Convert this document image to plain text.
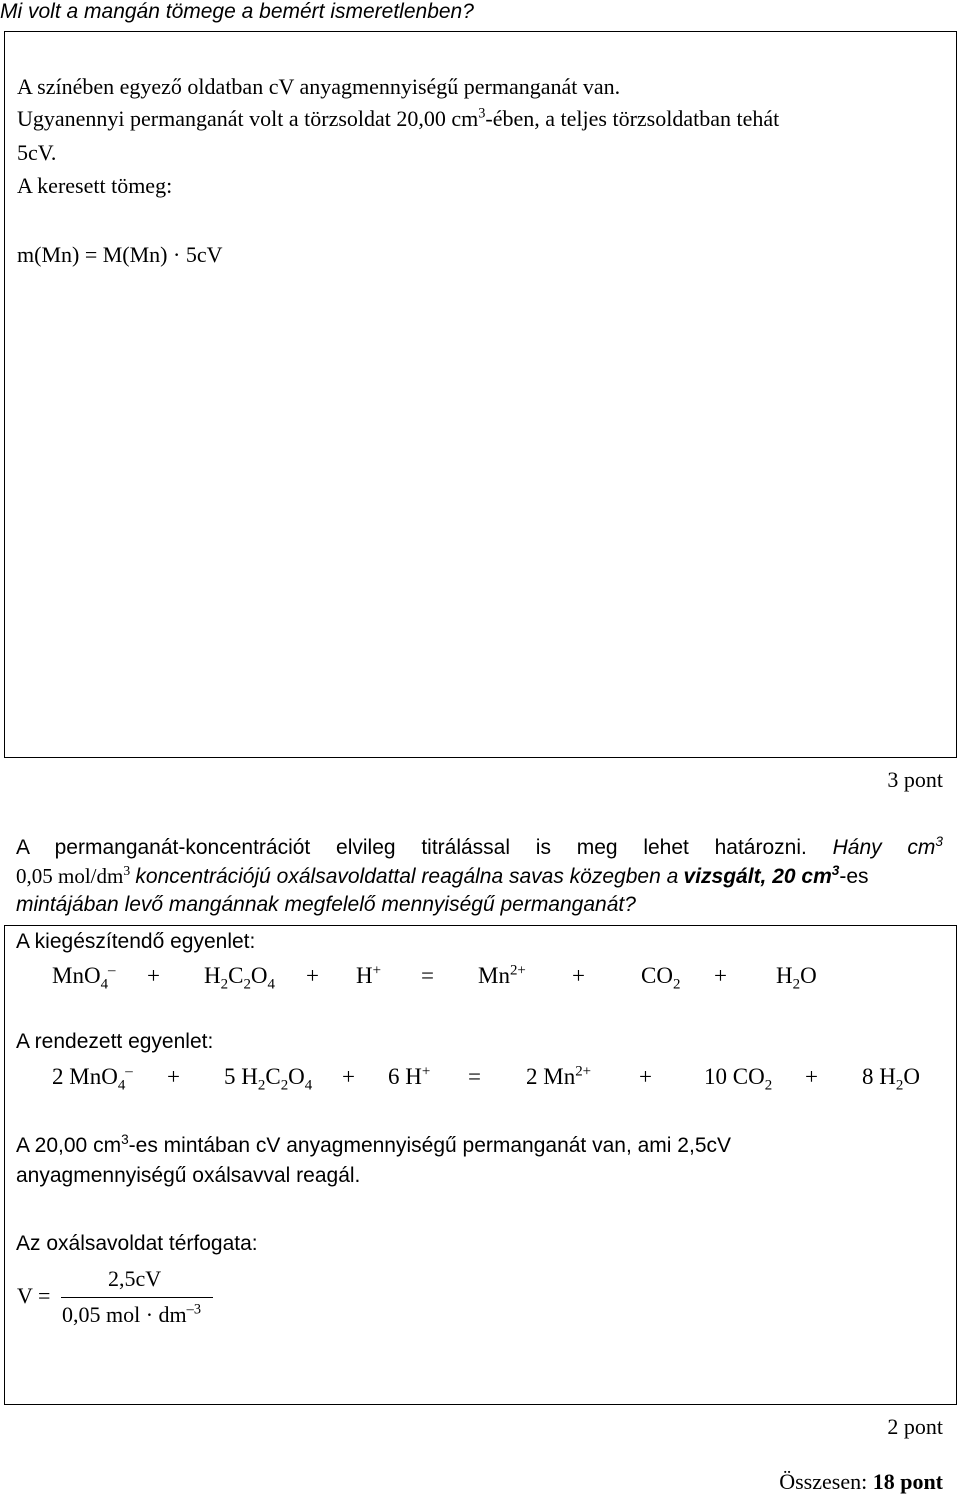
Mi volt a mangán tömege a bemért ismeretlenben?
A színében egyező oldatban cV anyagmennyiségű permanganát van.
Ugyanennyi permanganát volt a törzsoldat 20,00 $cm^3$-ében, a teljes törzsoldatban tehát
5cV.
A keresett tömeg:
m(Mn) = M(Mn) · 5cV
3 pont
A permanganát-koncentrációt elvileg titrálással is meg lehet határozni. Hány $cm^3$
0,05 mol/$dm^3$ koncentrációjú oxálsavoldattal reagálna savas közegben a vizsgált, 20 $cm^3-es$
mintájában levő mangánnak megfelelő mennyiségű permanganát?
A kiegészítendő egyenlet:
$MnO_4^- + H_2C_2O_4 + H^+ = Mn^{2+} + CO_2 + H_2O$
A rendezett egyenlet:
2 MnO$_4$– + 5 $H_2C_2O_4 + 6$ H+ = 2 $Mn^{2+} + 10$ $CO_2 + 8$ $H_2O$
A 20,00 $cm^3-es$ mintában cV anyagmennyiségű permanganát van, ami 2,5cV
anyagmennyiségű oxálsavval reagál.
Az oxálsavoldat térfogata:
V =
2,5cV
0,05 mol · $dm^{-3}$
2 pont
Összesen: 18 pont
